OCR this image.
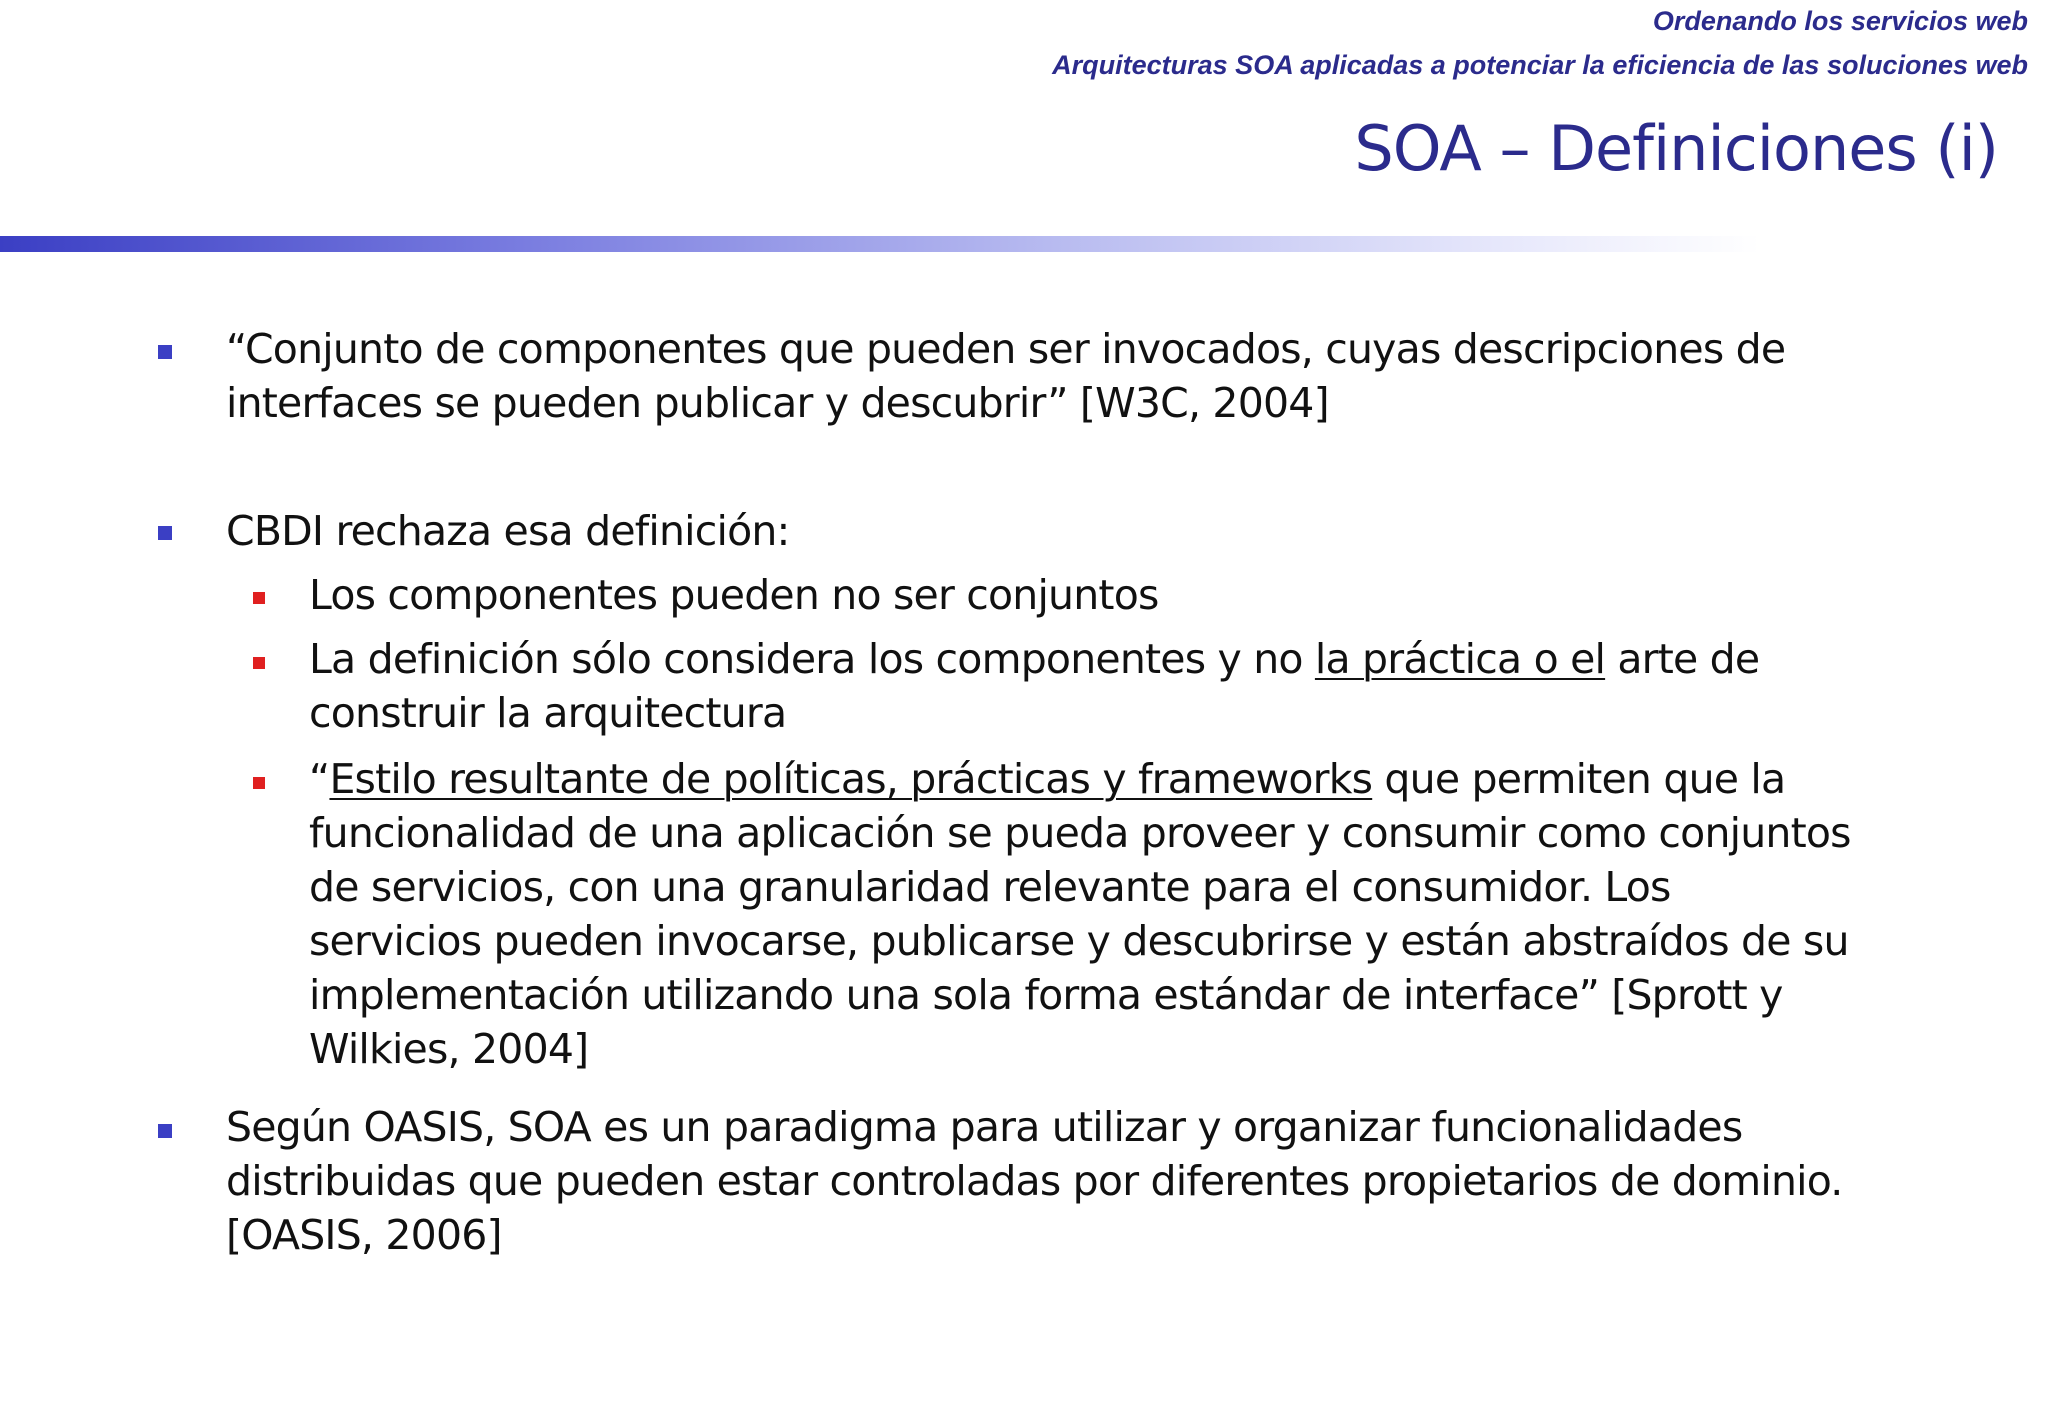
Ordenando los servicios web
Arquitecturas SOA aplicadas a potenciar la eficiencia de las soluciones web
SOA – Definiciones (i)
“Conjunto de componentes que pueden ser invocados, cuyas descripciones de
interfaces se pueden publicar y descubrir” [W3C, 2004]
CBDI rechaza esa definición:
Los componentes pueden no ser conjuntos
La definición sólo considera los componentes y no la práctica o el arte de
construir la arquitectura
“Estilo resultante de políticas, prácticas y frameworks que permiten que la
funcionalidad de una aplicación se pueda proveer y consumir como conjuntos
de servicios, con una granularidad relevante para el consumidor. Los
servicios pueden invocarse, publicarse y descubrirse y están abstraídos de su
implementación utilizando una sola forma estándar de interface” [Sprott y
Wilkies, 2004]
Según OASIS, SOA es un paradigma para utilizar y organizar funcionalidades
distribuidas que pueden estar controladas por diferentes propietarios de dominio.
[OASIS, 2006]
